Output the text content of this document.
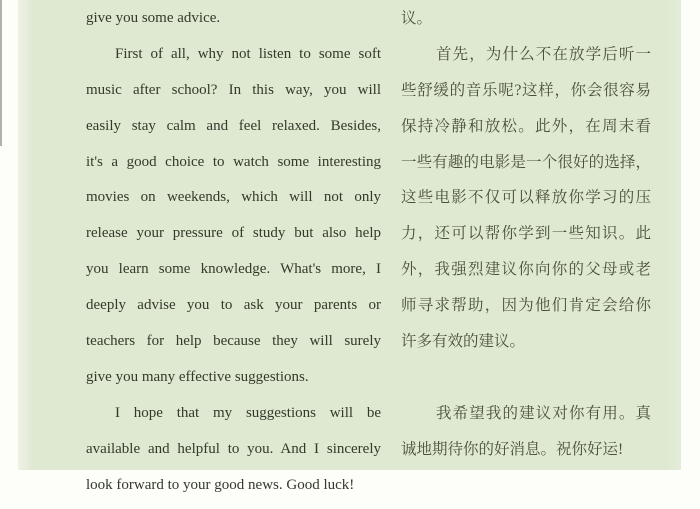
give you some advice.
First of all, why not listen to some soft
music after school? In this way, you will
easily stay calm and feel relaxed. Besides,
it's a good choice to watch some interesting
movies on weekends, which will not only
release your pressure of study but also help
you learn some knowledge. What's more, I
deeply advise you to ask your parents or
teachers for help because they will surely
give you many effective suggestions.
I hope that my suggestions will be
available and helpful to you. And I sincerely
look forward to your good news. Good luck!
议。
首先，为什么不在放学后听一
些舒缓的音乐呢?这样，你会很容易
保持冷静和放松。此外，在周末看
一些有趣的电影是一个很好的选择，
这些电影不仅可以释放你学习的压
力，还可以帮你学到一些知识。此
外，我强烈建议你向你的父母或老
师寻求帮助，因为他们肯定会给你
许多有效的建议。
我希望我的建议对你有用。真
诚地期待你的好消息。祝你好运!
